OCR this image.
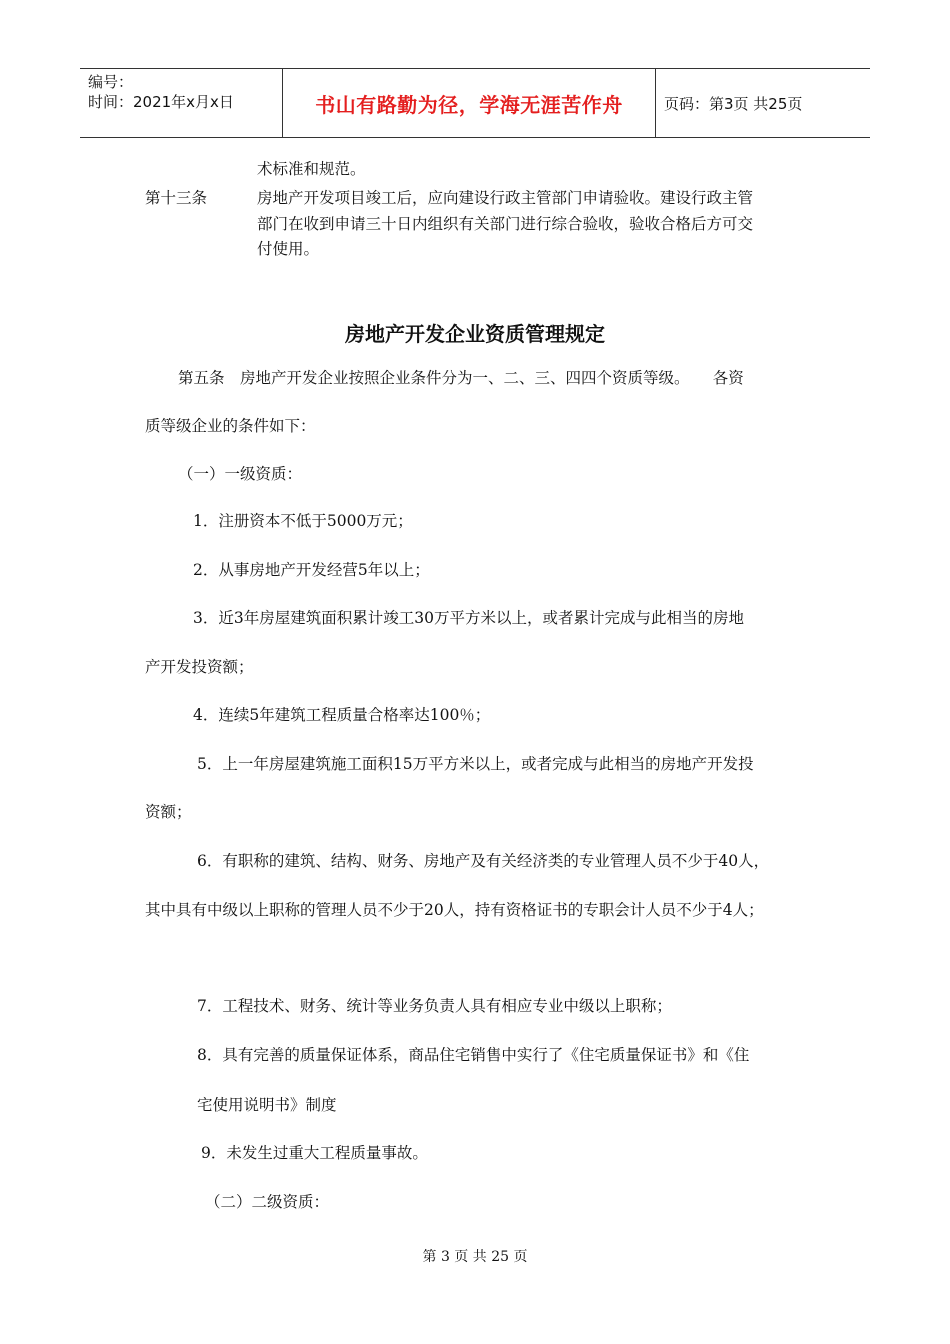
编号：
时间：2021年x月x日	书山有路勤为径，学海无涯苦作舟	页码：第3页 共25页
术标准和规范。
第十三条	房地产开发项目竣工后，应向建设行政主管部门申请验收。建设行政主管
部门在收到申请三十日内组织有关部门进行综合验收，验收合格后方可交
付使用。
房地产开发企业资质管理规定
第五条　房地产开发企业按照企业条件分为一、二、三、四四个资质等级。　　各资
质等级企业的条件如下：
（一）一级资质：
1．注册资本不低于5000万元；
2．从事房地产开发经营5年以上；
3．近3年房屋建筑面积累计竣工30万平方米以上，或者累计完成与此相当的房地
产开发投资额；
4．连续5年建筑工程质量合格率达100％；
5．上一年房屋建筑施工面积15万平方米以上，或者完成与此相当的房地产开发投
资额；
6．有职称的建筑、结构、财务、房地产及有关经济类的专业管理人员不少于40人，
其中具有中级以上职称的管理人员不少于20人，持有资格证书的专职会计人员不少于4人；
7．工程技术、财务、统计等业务负责人具有相应专业中级以上职称；
8．具有完善的质量保证体系，商品住宅销售中实行了《住宅质量保证书》和《住
宅使用说明书》制度
9．未发生过重大工程质量事故。
（二）二级资质：
第 3 页 共 25 页
